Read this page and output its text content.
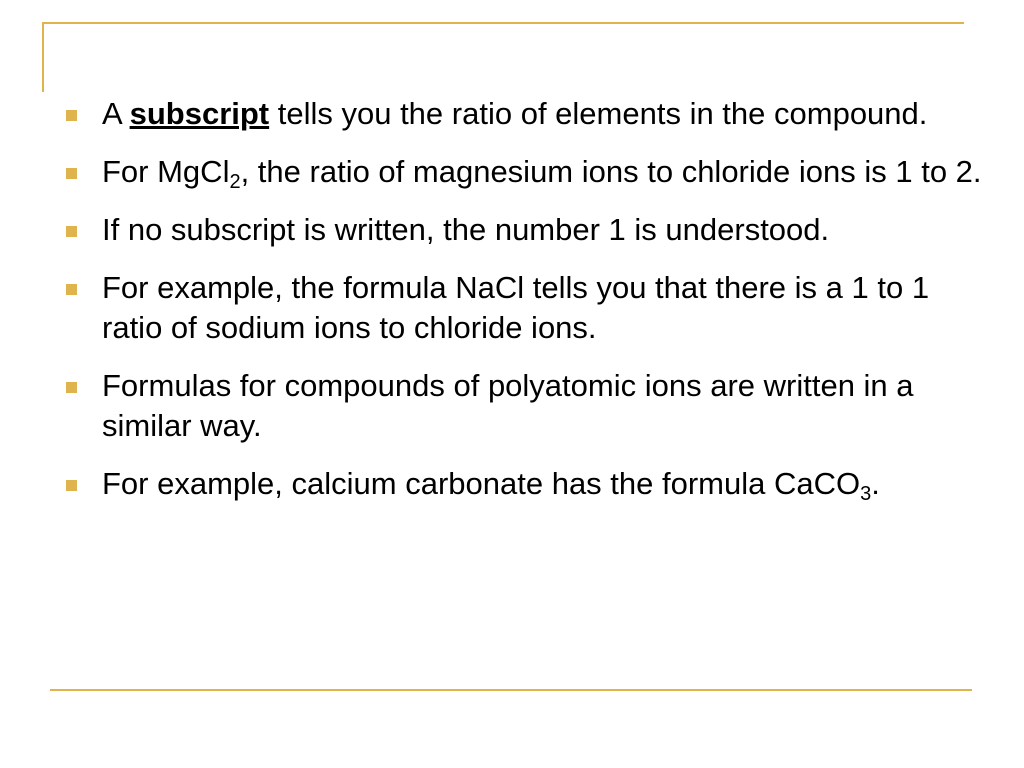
A subscript tells you the ratio of elements in the compound.
For MgCl$_2$, the ratio of magnesium ions to chloride ions is 1 to 2.
If no subscript is written, the number 1 is understood.
For example, the formula NaCl tells you that there is a 1 to 1 ratio of sodium ions to chloride ions.
Formulas for compounds of polyatomic ions are written in a similar way.
For example, calcium carbonate has the formula CaCO$_3$.
